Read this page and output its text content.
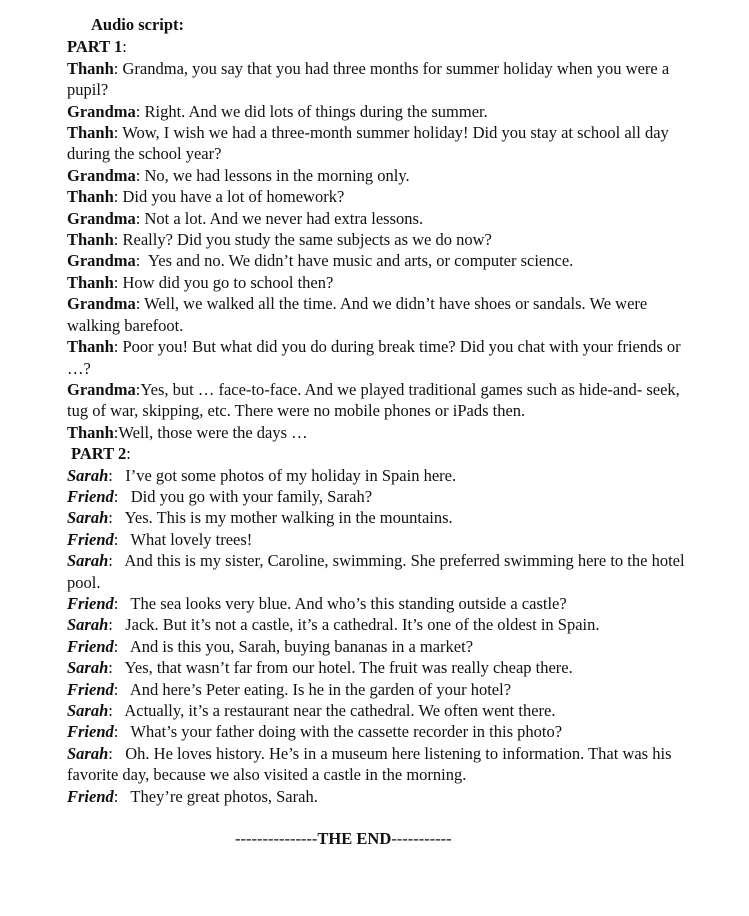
Audio script:
PART 1:
Thanh: Grandma, you say that you had three months for summer holiday when you were a pupil?
Grandma: Right. And we did lots of things during the summer.
Thanh: Wow, I wish we had a three-month summer holiday! Did you stay at school all day during the school year?
Grandma: No, we had lessons in the morning only.
Thanh: Did you have a lot of homework?
Grandma: Not a lot. And we never had extra lessons.
Thanh: Really? Did you study the same subjects as we do now?
Grandma:  Yes and no. We didn’t have music and arts, or computer science.
Thanh: How did you go to school then?
Grandma: Well, we walked all the time. And we didn’t have shoes or sandals. We were walking barefoot.
Thanh: Poor you! But what did you do during break time? Did you chat with your friends or …?
Grandma:Yes, but … face-to-face. And we played traditional games such as hide-and- seek, tug of war, skipping, etc. There were no mobile phones or iPads then.
Thanh:Well, those were the days …
PART 2:
Sarah:   I’ve got some photos of my holiday in Spain here.
Friend:   Did you go with your family, Sarah?
Sarah:   Yes. This is my mother walking in the mountains.
Friend:   What lovely trees!
Sarah:   And this is my sister, Caroline, swimming. She preferred swimming here to the hotel pool.
Friend:   The sea looks very blue. And who’s this standing outside a castle?
Sarah:   Jack. But it’s not a castle, it’s a cathedral. It’s one of the oldest in Spain.
Friend:   And is this you, Sarah, buying bananas in a market?
Sarah:   Yes, that wasn’t far from our hotel. The fruit was really cheap there.
Friend:   And here’s Peter eating. Is he in the garden of your hotel?
Sarah:   Actually, it’s a restaurant near the cathedral. We often went there.
Friend:   What’s your father doing with the cassette recorder in this photo?
Sarah:   Oh. He loves history. He’s in a museum here listening to information. That was his favorite day, because we also visited a castle in the morning.
Friend:   They’re great photos, Sarah.
---------------THE END-----------
